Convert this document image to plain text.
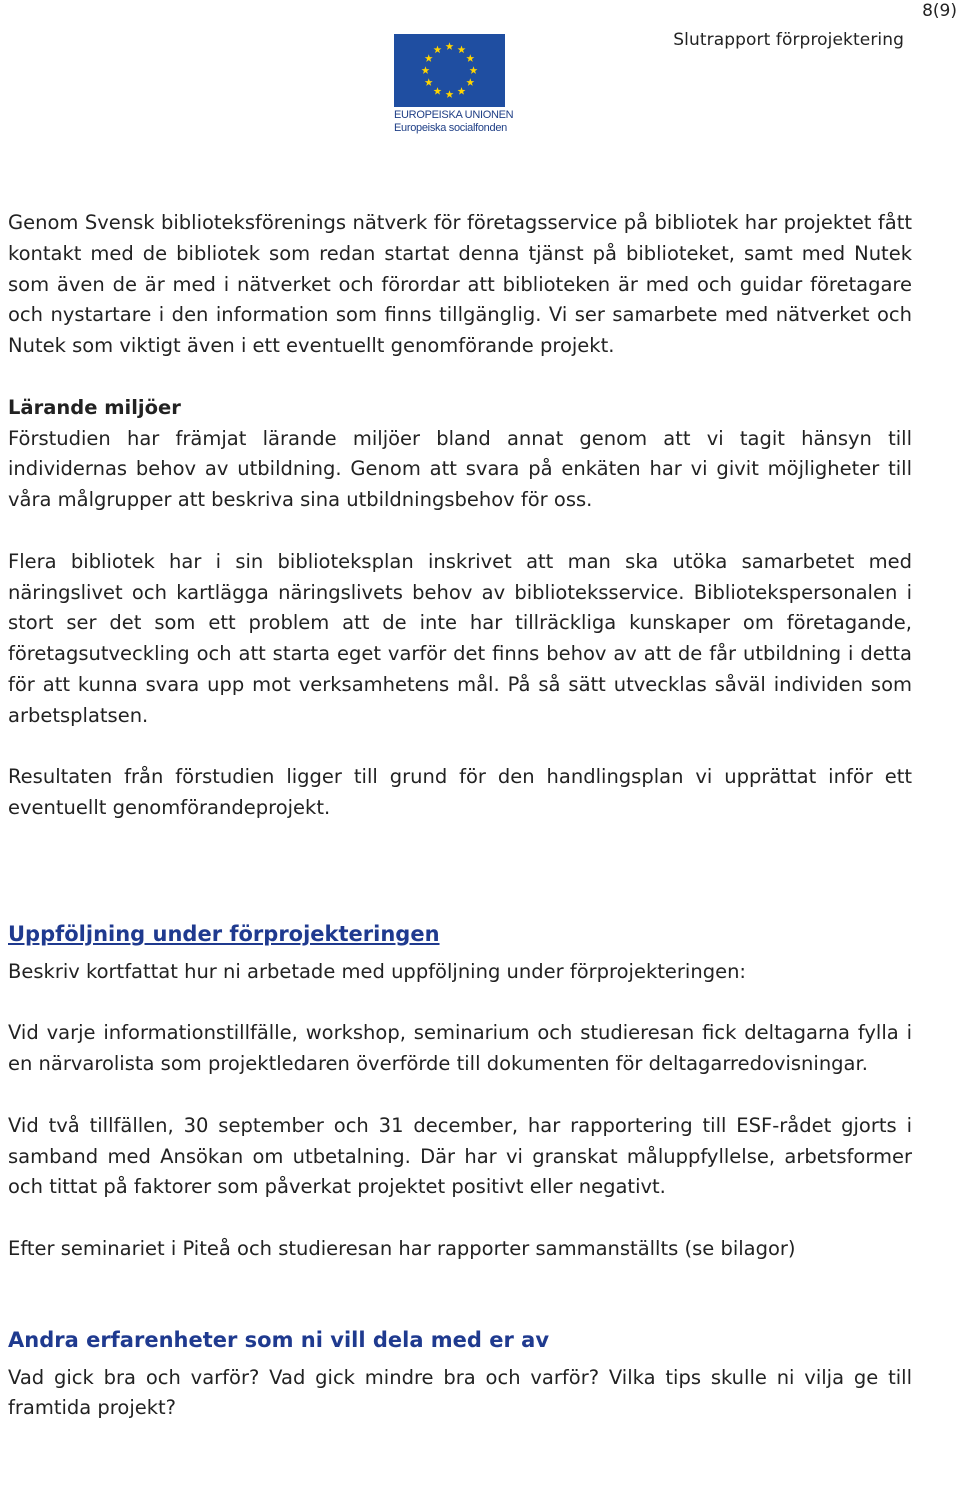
8(9)
Slutrapport förprojektering
EUROPEISKA UNIONEN
Europeiska socialfonden

Genom Svensk biblioteksförenings nätverk för företagsservice på bibliotek har projektet fått kontakt med de bibliotek som redan startat denna tjänst på biblioteket, samt med Nutek som även de är med i nätverket och förordar att biblioteken är med och guidar företagare och nystartare i den information som finns tillgänglig. Vi ser samarbete med nätverket och Nutek som viktigt även i ett eventuellt genomförande projekt.

Lärande miljöer

Förstudien har främjat lärande miljöer bland annat genom att vi tagit hänsyn till individernas behov av utbildning. Genom att svara på enkäten har vi givit möjligheter till våra målgrupper att beskriva sina utbildningsbehov för oss.

Flera bibliotek har i sin biblioteksplan inskrivet att man ska utöka samarbetet med näringslivet och kartlägga näringslivets behov av biblioteksservice. Bibliotekspersonalen i stort ser det som ett problem att de inte har tillräckliga kunskaper om företagande, företagsutveckling och att starta eget varför det finns behov av att de får utbildning i detta för att kunna svara upp mot verksamhetens mål. På så sätt utvecklas såväl individen som arbetsplatsen.

Resultaten från förstudien ligger till grund för den handlingsplan vi upprättat inför ett eventuellt genomförandeprojekt.

Uppföljning under förprojekteringen

Beskriv kortfattat hur ni arbetade med uppföljning under förprojekteringen:

Vid varje informationstillfälle, workshop, seminarium och studieresan fick deltagarna fylla i en närvarolista som projektledaren överförde till dokumenten för deltagarredovisningar.

Vid två tillfällen, 30 september och 31 december, har rapportering till ESF-rådet gjorts i samband med Ansökan om utbetalning. Där har vi granskat måluppfyllelse, arbetsformer och tittat på faktorer som påverkat projektet positivt eller negativt.

Efter seminariet i Piteå och studieresan har rapporter sammanställts (se bilagor)

Andra erfarenheter som ni vill dela med er av

Vad gick bra och varför? Vad gick mindre bra och varför? Vilka tips skulle ni vilja ge till framtida projekt?
